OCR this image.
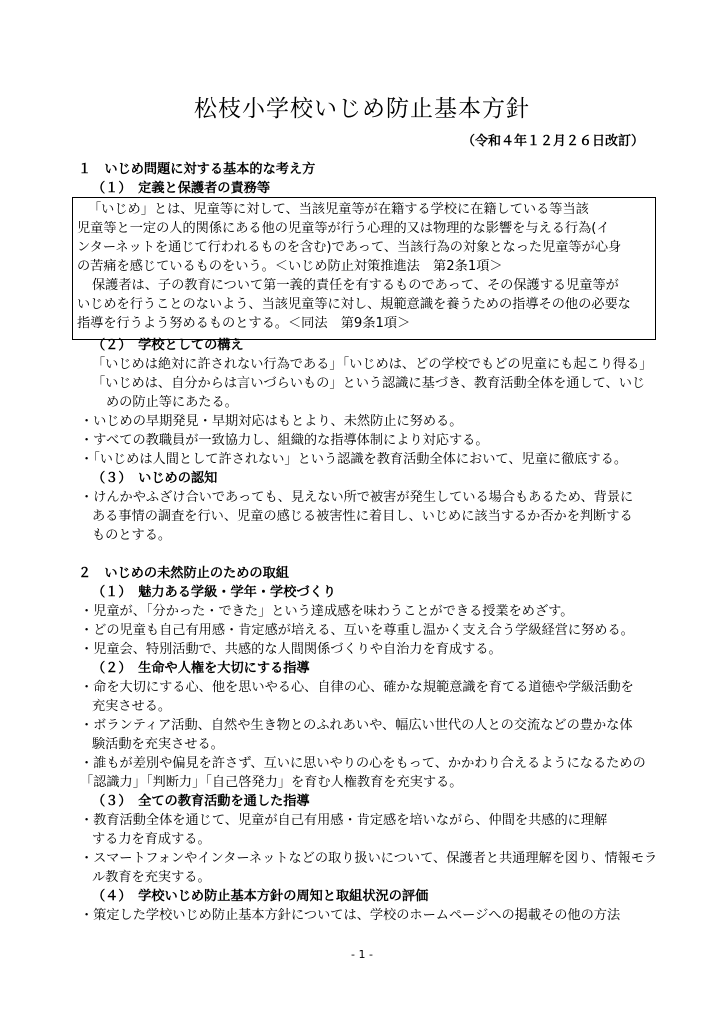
松枝小学校いじめ防止基本方針
（令和４年１２月２６日改訂）
１　いじめ問題に対する基本的な考え方
（１）　定義と保護者の責務等
「いじめ」とは、児童等に対して、当該児童等が在籍する学校に在籍している等当該
児童等と一定の人的関係にある他の児童等が行う心理的又は物理的な影響を与える行為(イ
ンターネットを通じて行われるものを含む)であって、当該行為の対象となった児童等が心身
の苦痛を感じているものをいう。＜いじめ防止対策推進法　第2条1項＞
保護者は、子の教育について第一義的責任を有するものであって、その保護する児童等が
いじめを行うことのないよう、当該児童等に対し、規範意識を養うための指導その他の必要な
指導を行うよう努めるものとする。＜同法　第9条1項＞
（２）　学校としての構え
「いじめは絶対に許されない行為である」「いじめは、どの学校でもどの児童にも起こり得る」
「いじめは、自分からは言いづらいもの」という認識に基づき、教育活動全体を通して、いじ
めの防止等にあたる。
・いじめの早期発見・早期対応はもとより、未然防止に努める。
・すべての教職員が一致協力し、組織的な指導体制により対応する。
・「いじめは人間として許されない」という認識を教育活動全体において、児童に徹底する。
（３）　いじめの認知
・けんかやふざけ合いであっても、見えない所で被害が発生している場合もあるため、背景に
ある事情の調査を行い、児童の感じる被害性に着目し、いじめに該当するか否かを判断する
ものとする。
２　いじめの未然防止のための取組
（１）　魅力ある学級・学年・学校づくり
・児童が、「分かった・できた」という達成感を味わうことができる授業をめざす。
・どの児童も自己有用感・肯定感が培える、互いを尊重し温かく支え合う学級経営に努める。
・児童会、特別活動で、共感的な人間関係づくりや自治力を育成する。
（２）　生命や人権を大切にする指導
・命を大切にする心、他を思いやる心、自律の心、確かな規範意識を育てる道徳や学級活動を
充実させる。
・ボランティア活動、自然や生き物とのふれあいや、幅広い世代の人との交流などの豊かな体
験活動を充実させる。
・誰もが差別や偏見を許さず、互いに思いやりの心をもって、かかわり合えるようになるための
「認識力」「判断力」「自己啓発力」を育む人権教育を充実する。
（３）　全ての教育活動を通した指導
・教育活動全体を通じて、児童が自己有用感・肯定感を培いながら、仲間を共感的に理解
する力を育成する。
・スマートフォンやインターネットなどの取り扱いについて、保護者と共通理解を図り、情報モラ
ル教育を充実する。
（４）　学校いじめ防止基本方針の周知と取組状況の評価
・策定した学校いじめ防止基本方針については、学校のホームページへの掲載その他の方法
- 1 -
